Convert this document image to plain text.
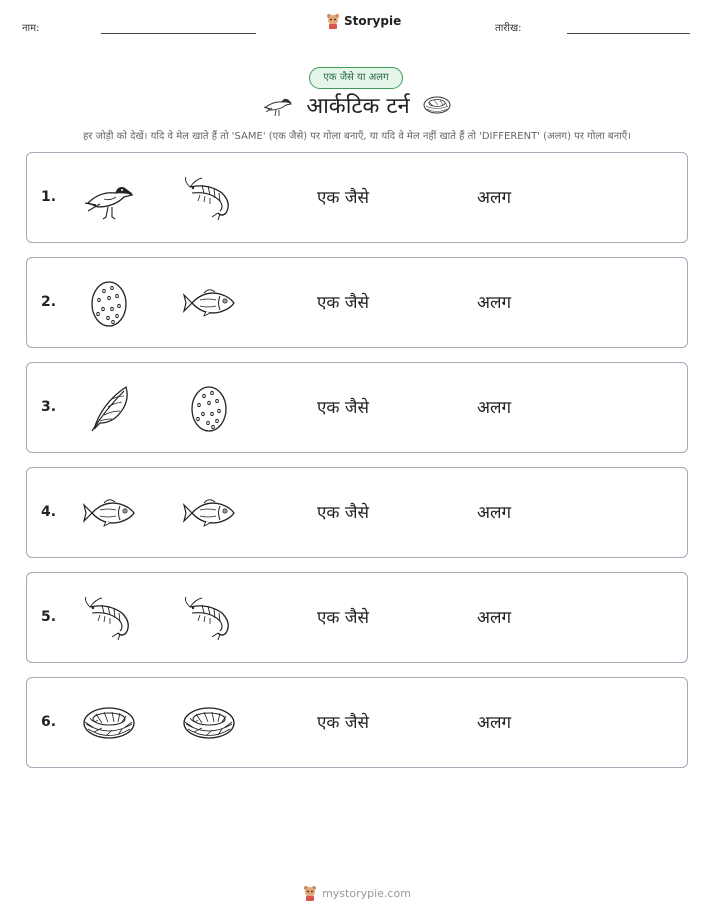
नाम:
Storypie
तारीख:
एक जैसे या अलग
आर्कटिक टर्न
हर जोड़ी को देखें। यदि वे मेल खाते हैं तो 'SAME' (एक जैसे) पर गोला बनाएँ, या यदि वे मेल नहीं खाते हैं तो 'DIFFERENT' (अलग) पर गोला बनाएँ।
1.	एक जैसे	अलग
2.	एक जैसे	अलग
3.	एक जैसे	अलग
4.	एक जैसे	अलग
5.	एक जैसे	अलग
6.	एक जैसे	अलग
mystorypie.com
